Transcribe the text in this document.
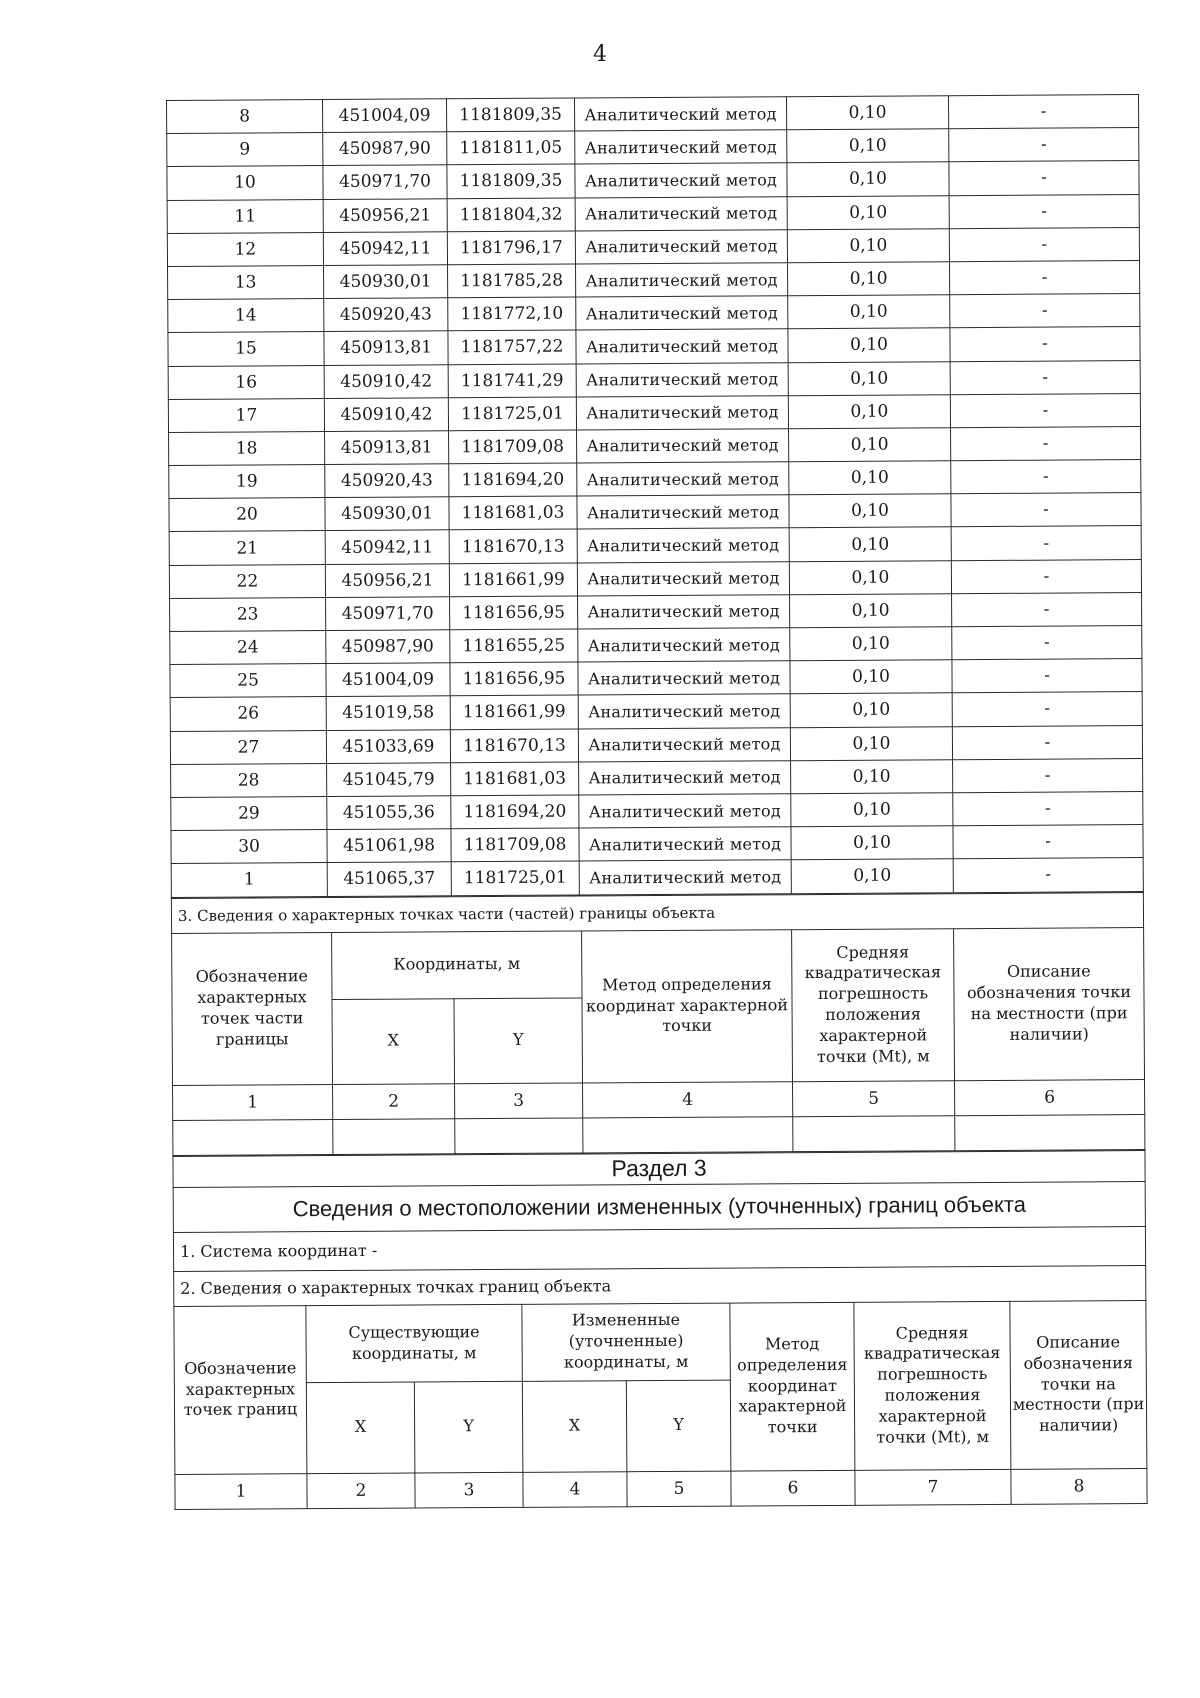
4
8	451004,09	1181809,35	Аналитический метод	0,10	-
9	450987,90	1181811,05	Аналитический метод	0,10	-
10	450971,70	1181809,35	Аналитический метод	0,10	-
11	450956,21	1181804,32	Аналитический метод	0,10	-
12	450942,11	1181796,17	Аналитический метод	0,10	-
13	450930,01	1181785,28	Аналитический метод	0,10	-
14	450920,43	1181772,10	Аналитический метод	0,10	-
15	450913,81	1181757,22	Аналитический метод	0,10	-
16	450910,42	1181741,29	Аналитический метод	0,10	-
17	450910,42	1181725,01	Аналитический метод	0,10	-
18	450913,81	1181709,08	Аналитический метод	0,10	-
19	450920,43	1181694,20	Аналитический метод	0,10	-
20	450930,01	1181681,03	Аналитический метод	0,10	-
21	450942,11	1181670,13	Аналитический метод	0,10	-
22	450956,21	1181661,99	Аналитический метод	0,10	-
23	450971,70	1181656,95	Аналитический метод	0,10	-
24	450987,90	1181655,25	Аналитический метод	0,10	-
25	451004,09	1181656,95	Аналитический метод	0,10	-
26	451019,58	1181661,99	Аналитический метод	0,10	-
27	451033,69	1181670,13	Аналитический метод	0,10	-
28	451045,79	1181681,03	Аналитический метод	0,10	-
29	451055,36	1181694,20	Аналитический метод	0,10	-
30	451061,98	1181709,08	Аналитический метод	0,10	-
1	451065,37	1181725,01	Аналитический метод	0,10	-
3. Сведения о характерных точках части (частей) границы объекта					
Обозначение характерных точек части границы	Координаты, м		Метод определения координат характерной точки	Средняя квадратическая погрешность положения характерной точки (Mt), м	Описание обозначения точки на местности (при наличии)
	X	Y			
1	2	3	4	5	6

Раздел 3							
Сведения о местоположении измененных (уточненных) границ объекта							
1. Система координат -							
2. Сведения о характерных точках границ объекта							
Обозначение характерных точек границ	Существующие координаты, м		Измененные (уточненные) координаты, м		Метод определения координат характерной точки	Средняя квадратическая погрешность положения характерной точки (Mt), м	Описание обозначения точки на местности (при наличии)
	X	Y	X	Y			
1	2	3	4	5	6	7	8
